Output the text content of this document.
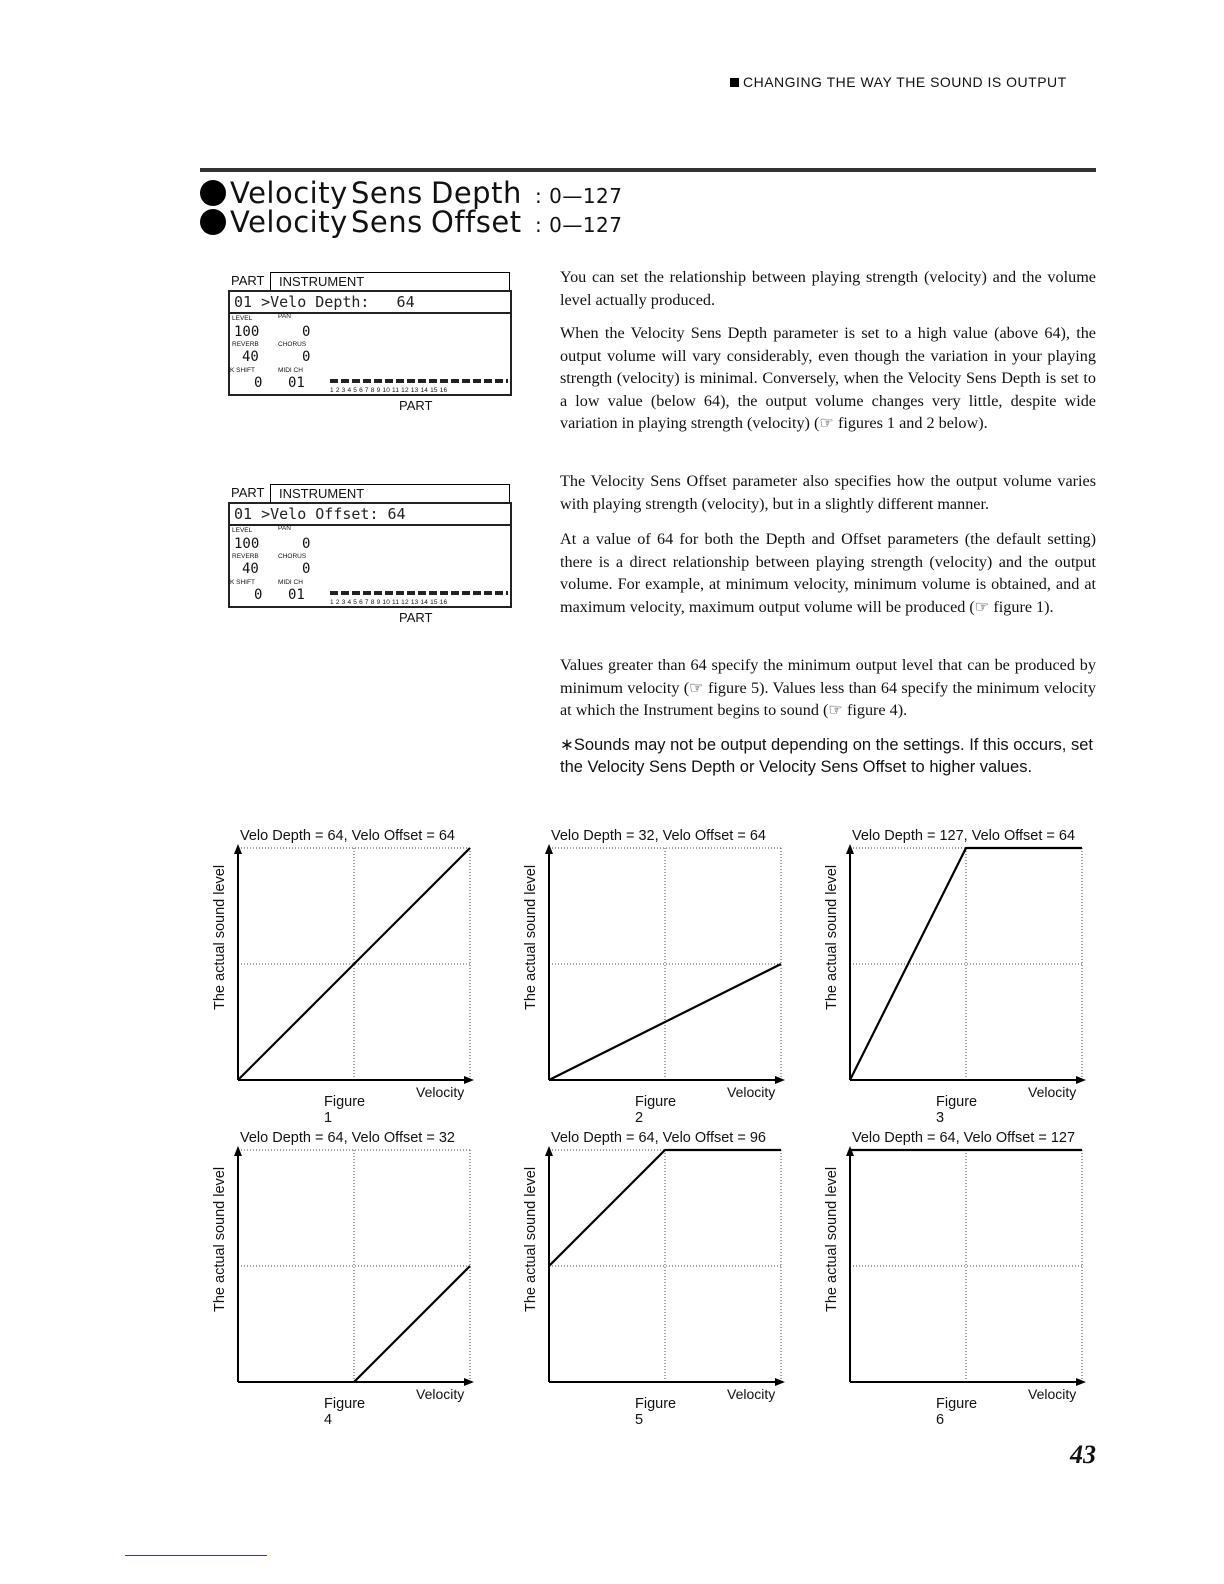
CHANGING THE WAY THE SOUND IS OUTPUT
Velocity Sens Depth : 0—127
Velocity Sens Offset : 0—127
PART	INSTRUMENT
01 >Velo Depth:   64
LEVEL	PAN
100	0
REVERB	CHORUS
40	0
K SHIFT	MIDI CH
0 01	1 2 3 4 5 6 7 8 9 10 11 12 13 14 15 16
PART
PART	INSTRUMENT
01 >Velo Offset: 64
LEVEL	PAN
100	0
REVERB	CHORUS
40	0
K SHIFT	MIDI CH
0 01	1 2 3 4 5 6 7 8 9 10 11 12 13 14 15 16
PART

You can set the relationship between playing strength (velocity) and the volume level actually produced.

When the Velocity Sens Depth parameter is set to a high value (above 64), the output volume will vary considerably, even though the variation in your playing strength (velocity) is minimal. Conversely, when the Velocity Sens Depth is set to a low value (below 64), the output volume changes very little, despite wide variation in playing strength (velocity) (☞ figures 1 and 2 below).

The Velocity Sens Offset parameter also specifies how the output volume varies with playing strength (velocity), but in a slightly different manner.

At a value of 64 for both the Depth and Offset parameters (the default setting) there is a direct relationship between playing strength (velocity) and the output volume. For example, at minimum velocity, minimum volume is obtained, and at maximum velocity, maximum output volume will be produced (☞ figure 1).

Values greater than 64 specify the minimum output level that can be produced by minimum velocity (☞ figure 5). Values less than 64 specify the minimum velocity at which the Instrument begins to sound (☞ figure 4).

∗Sounds may not be output depending on the settings. If this occurs, set the Velocity Sens Depth or Velocity Sens Offset to higher values.

Velo Depth = 64, Velo Offset = 64
The actual sound level
Figure 1
Velocity
Velo Depth = 32, Velo Offset = 64
The actual sound level
Figure 2
Velocity
Velo Depth = 127, Velo Offset = 64
The actual sound level
Figure 3
Velocity
Velo Depth = 64, Velo Offset = 32
The actual sound level
Figure 4
Velocity
Velo Depth = 64, Velo Offset = 96
The actual sound level
Figure 5
Velocity
Velo Depth = 64, Velo Offset = 127
The actual sound level
Figure 6
Velocity
43
